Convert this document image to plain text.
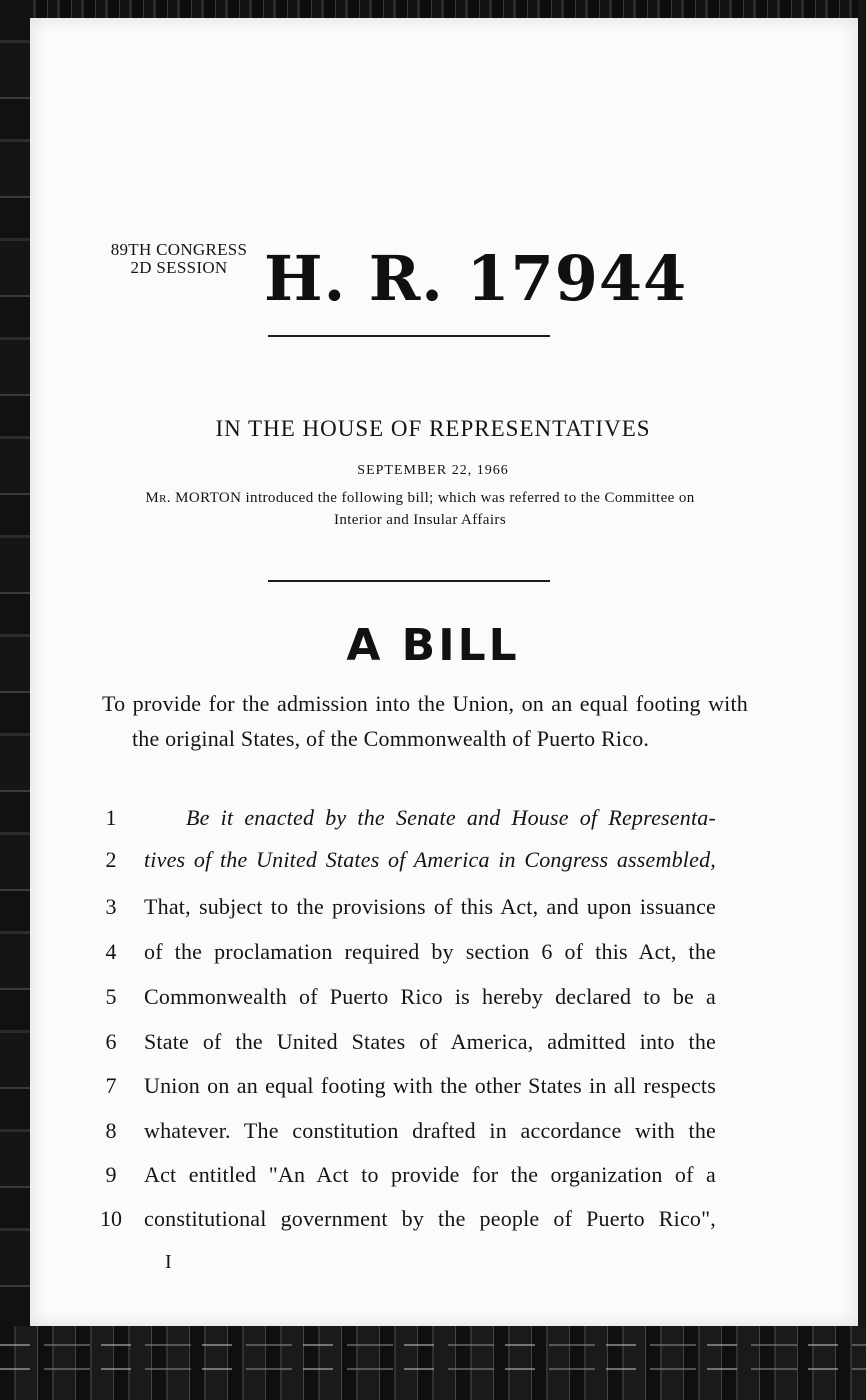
89TH CONGRESS
2D SESSION H. R. 17944
IN THE HOUSE OF REPRESENTATIVES
SEPTEMBER 22, 1966
Mr. MORTON introduced the following bill; which was referred to the Committee on Interior and Insular Affairs
A BILL
To provide for the admission into the Union, on an equal footing with the original States, of the Commonwealth of Puerto Rico.
1	Be it enacted by the Senate and House of Representa-
2 tives of the United States of America in Congress assembled,
3 That, subject to the provisions of this Act, and upon issuance
4 of the proclamation required by section 6 of this Act, the
5 Commonwealth of Puerto Rico is hereby declared to be a
6 State of the United States of America, admitted into the
7 Union on an equal footing with the other States in all respects
8 whatever. The constitution drafted in accordance with the
9 Act entitled "An Act to provide for the organization of a
10 constitutional government by the people of Puerto Rico",
I
